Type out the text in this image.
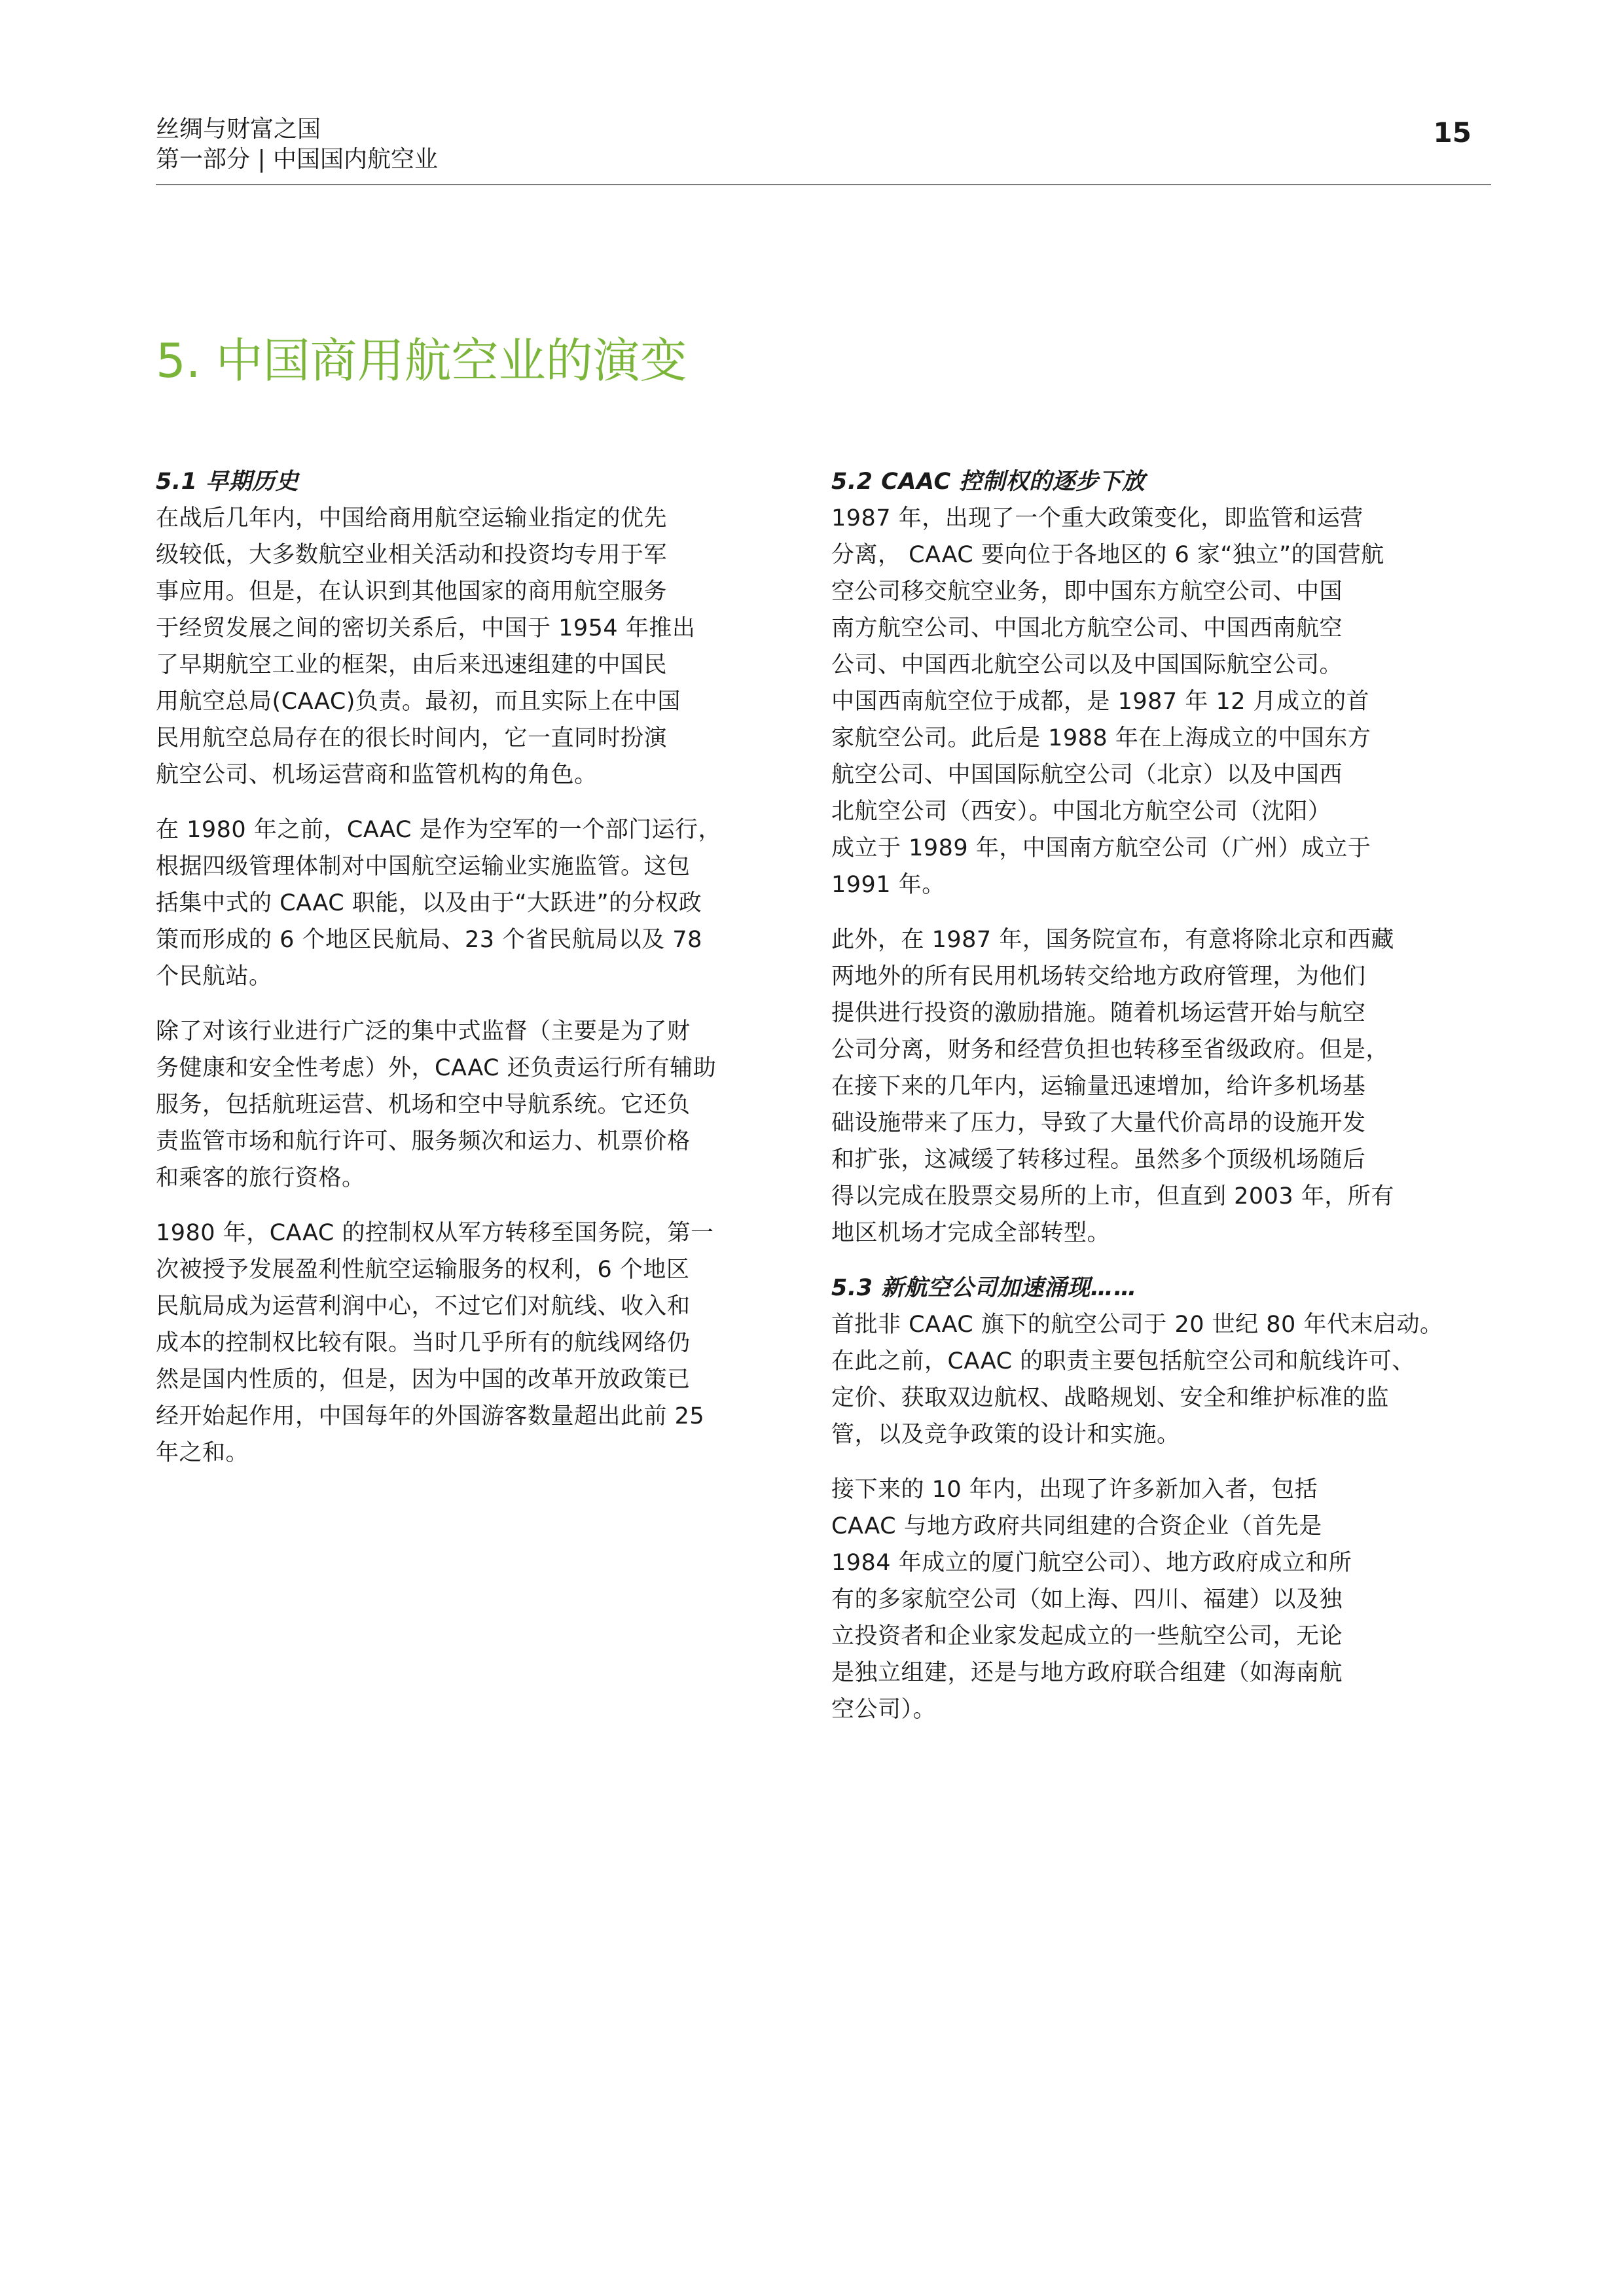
丝绸与财富之国
第一部分 | 中国国内航空业
15
5. 中国商用航空业的演变
5.1 早期历史

在战后几年内，中国给商用航空运输业指定的优先
级较低，大多数航空业相关活动和投资均专用于军
事应用。但是，在认识到其他国家的商用航空服务
于经贸发展之间的密切关系后，中国于 1954 年推出
了早期航空工业的框架，由后来迅速组建的中国民
用航空总局(CAAC)负责。最初，而且实际上在中国
民用航空总局存在的很长时间内，它一直同时扮演
航空公司、机场运营商和监管机构的角色。

在 1980 年之前，CAAC 是作为空军的一个部门运行，
根据四级管理体制对中国航空运输业实施监管。这包
括集中式的 CAAC 职能，以及由于“大跃进”的分权政
策而形成的 6 个地区民航局、23 个省民航局以及 78
个民航站。

除了对该行业进行广泛的集中式监督（主要是为了财
务健康和安全性考虑）外，CAAC 还负责运行所有辅助
服务，包括航班运营、机场和空中导航系统。它还负
责监管市场和航行许可、服务频次和运力、机票价格
和乘客的旅行资格。

1980 年，CAAC 的控制权从军方转移至国务院，第一
次被授予发展盈利性航空运输服务的权利，6 个地区
民航局成为运营利润中心，不过它们对航线、收入和
成本的控制权比较有限。当时几乎所有的航线网络仍
然是国内性质的，但是，因为中国的改革开放政策已
经开始起作用，中国每年的外国游客数量超出此前 25
年之和。

5.2 CAAC 控制权的逐步下放

1987 年，出现了一个重大政策变化，即监管和运营
分离， CAAC 要向位于各地区的 6 家“独立”的国营航
空公司移交航空业务，即中国东方航空公司、中国
南方航空公司、中国北方航空公司、中国西南航空
公司、中国西北航空公司以及中国国际航空公司。
中国西南航空位于成都，是 1987 年 12 月成立的首
家航空公司。此后是 1988 年在上海成立的中国东方
航空公司、中国国际航空公司（北京）以及中国西
北航空公司（西安）。中国北方航空公司（沈阳）
成立于 1989 年，中国南方航空公司（广州）成立于
1991 年。

此外，在 1987 年，国务院宣布，有意将除北京和西藏
两地外的所有民用机场转交给地方政府管理，为他们
提供进行投资的激励措施。随着机场运营开始与航空
公司分离，财务和经营负担也转移至省级政府。但是，
在接下来的几年内，运输量迅速增加，给许多机场基
础设施带来了压力，导致了大量代价高昂的设施开发
和扩张，这减缓了转移过程。虽然多个顶级机场随后
得以完成在股票交易所的上市，但直到 2003 年，所有
地区机场才完成全部转型。

5.3 新航空公司加速涌现……

首批非 CAAC 旗下的航空公司于 20 世纪 80 年代末启动。
在此之前，CAAC 的职责主要包括航空公司和航线许可、
定价、获取双边航权、战略规划、安全和维护标准的监
管，以及竞争政策的设计和实施。

接下来的 10 年内，出现了许多新加入者，包括
CAAC 与地方政府共同组建的合资企业（首先是
1984 年成立的厦门航空公司）、地方政府成立和所
有的多家航空公司（如上海、四川、福建）以及独
立投资者和企业家发起成立的一些航空公司，无论
是独立组建，还是与地方政府联合组建（如海南航
空公司）。
